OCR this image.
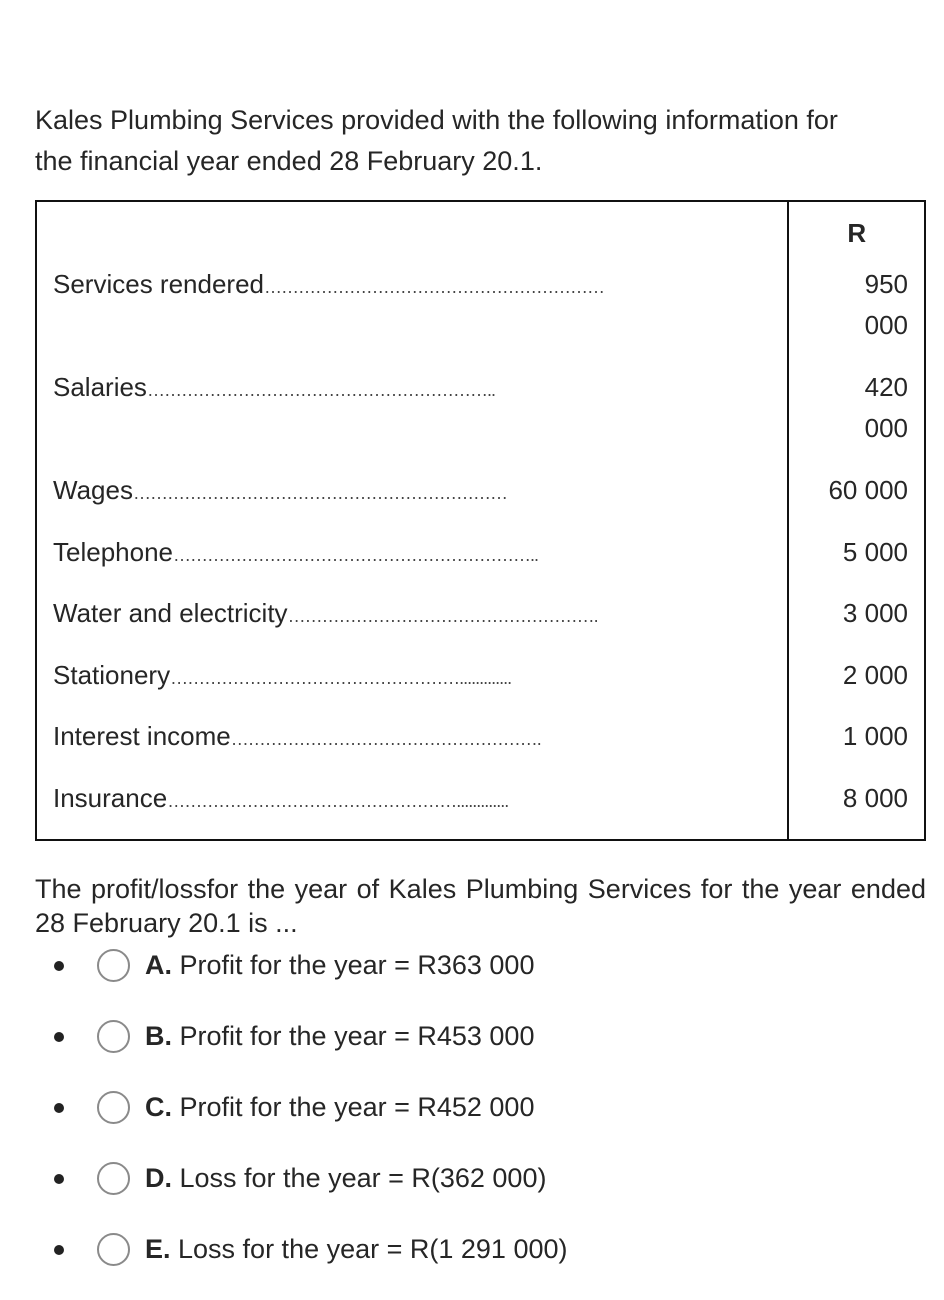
Kales Plumbing Services provided with the following information for
the financial year ended 28 February 20.1.

	R

Services rendered……………………………………………………	950
000

Salaries……………………………………………………..	420
000

Wages…………………………………………………………	60 000

Telephone………………………………………………………..	5 000

Water and electricity……………………………………………….	3 000

Stationery…………………………………………….............	2 000

Interest income……………………………………………….	1 000

Insurance…………………………………………….............	8 000

The profit/lossfor the year of Kales Plumbing Services for the year ended 28 February 20.1 is ...

A. Profit for the year = R363 000
B. Profit for the year = R453 000
C. Profit for the year = R452 000
D. Loss for the year = R(362 000)
E. Loss for the year = R(1 291 000)
